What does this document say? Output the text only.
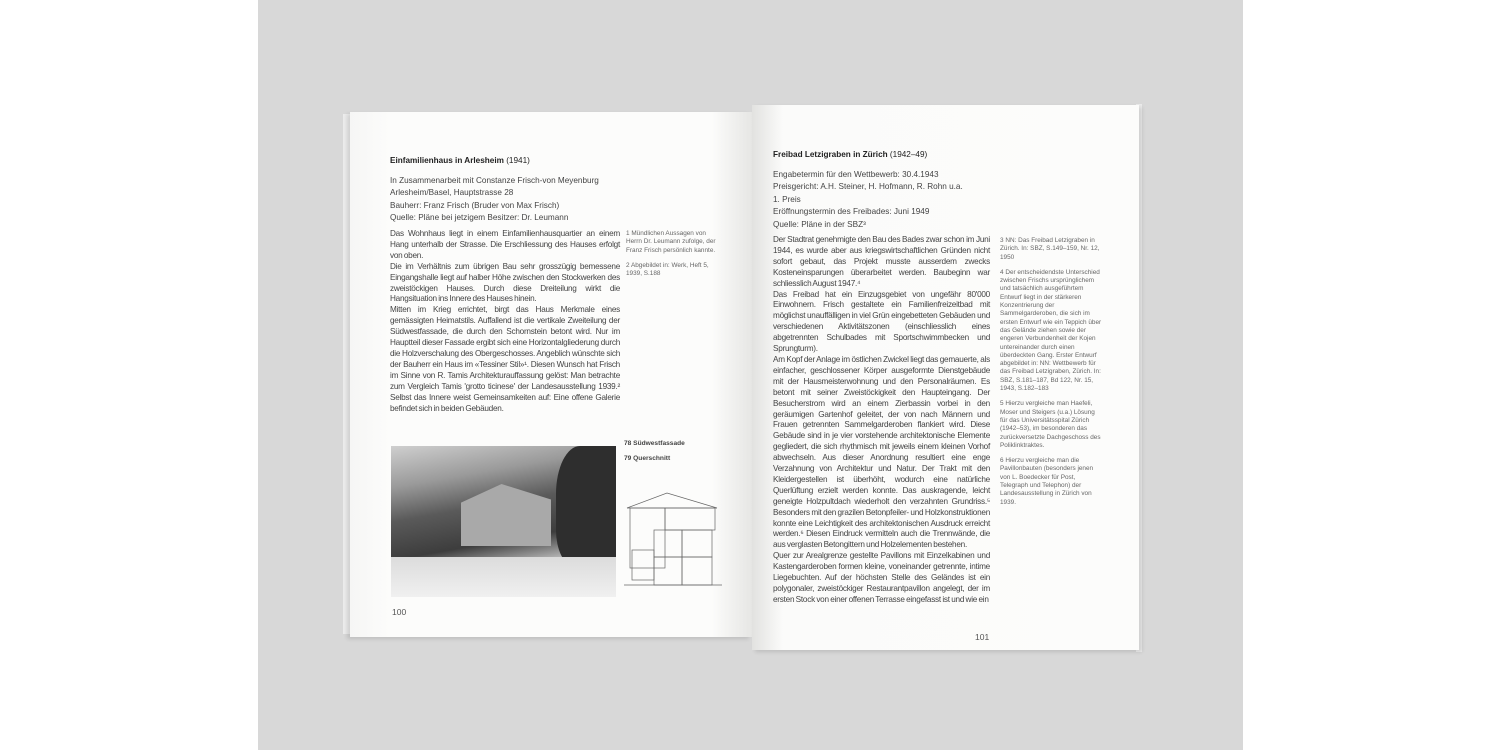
Einfamilienhaus in Arlesheim (1941)
In Zusammenarbeit mit Constanze Frisch-von Meyenburg
Arlesheim/Basel, Hauptstrasse 28
Bauherr: Franz Frisch (Bruder von Max Frisch)
Quelle: Pläne bei jetzigem Besitzer: Dr. Leumann

Das Wohnhaus liegt in einem Einfamilienhausquartier an einem Hang unterhalb der Strasse. Die Erschliessung des Hauses erfolgt von oben.

Die im Verhältnis zum übrigen Bau sehr grosszügig bemessene Eingangshalle liegt auf halber Höhe zwischen den Stockwerken des zweistöckigen Hauses. Durch diese Dreiteilung wirkt die Hangsituation ins Innere des Hauses hinein.

Mitten im Krieg errichtet, birgt das Haus Merkmale eines gemässigten Heimatstils. Auffallend ist die vertikale Zweiteilung der Südwestfassade, die durch den Schornstein betont wird. Nur im Hauptteil dieser Fassade ergibt sich eine Horizontalgliederung durch die Holzverschalung des Obergeschosses. Angeblich wünschte sich der Bauherr ein Haus im «Tessiner Stil»¹. Diesen Wunsch hat Frisch im Sinne von R. Tamis Architekturauffassung gelöst: Man betrachte zum Vergleich Tamis 'grotto ticinese' der Landesausstellung 1939.² Selbst das Innere weist Gemeinsamkeiten auf: Eine offene Galerie befindet sich in beiden Gebäuden.

1 Mündlichen Aussagen von Herrn Dr. Leumann zufolge, der Franz Frisch persönlich kannte.

2 Abgebildet in: Werk, Heft 5, 1939, S.188

78 Südwestfassade
79 Querschnitt
100
Freibad Letzigraben in Zürich (1942–49)
Engabetermin für den Wettbewerb: 30.4.1943
Preisgericht: A.H. Steiner, H. Hofmann, R. Rohn u.a.
1. Preis
Eröffnungstermin des Freibades: Juni 1949
Quelle: Pläne in der SBZ³

Der Stadtrat genehmigte den Bau des Bades zwar schon im Juni 1944, es wurde aber aus kriegswirtschaftlichen Gründen nicht sofort gebaut, das Projekt musste ausserdem zwecks Kosteneinsparungen überarbeitet werden. Baubeginn war schliesslich August 1947.⁴

Das Freibad hat ein Einzugsgebiet von ungefähr 80'000 Einwohnern. Frisch gestaltete ein Familienfreizeitbad mit möglichst unauffälligen in viel Grün eingebetteten Gebäuden und verschiedenen Aktivitätszonen (einschliesslich eines abgetrennten Schulbades mit Sportschwimmbecken und Sprungturm).

Am Kopf der Anlage im östlichen Zwickel liegt das gemauerte, als einfacher, geschlossener Körper ausgeformte Dienstgebäude mit der Hausmeisterwohnung und den Personalräumen. Es betont mit seiner Zweistöckigkeit den Haupteingang. Der Besucherstrom wird an einem Zierbassin vorbei in den geräumigen Gartenhof geleitet, der von nach Männern und Frauen getrennten Sammelgarderoben flankiert wird. Diese Gebäude sind in je vier vorstehende architektonische Elemente gegliedert, die sich rhythmisch mit jeweils einem kleinen Vorhof abwechseln. Aus dieser Anordnung resultiert eine enge Verzahnung von Architektur und Natur. Der Trakt mit den Kleidergestellen ist überhöht, wodurch eine natürliche Querlüftung erzielt werden konnte. Das auskragende, leicht geneigte Holzpultdach wiederholt den verzahnten Grundriss.⁵ Besonders mit den grazilen Betonpfeiler- und Holzkonstruktionen konnte eine Leichtigkeit des architektonischen Ausdruck erreicht werden.⁶ Diesen Eindruck vermitteln auch die Trennwände, die aus verglasten Betongittern und Holzelementen bestehen.

Quer zur Arealgrenze gestellte Pavillons mit Einzelkabinen und Kastengarderoben formen kleine, voneinander getrennte, intime Liegebuchten. Auf der höchsten Stelle des Geländes ist ein polygonaler, zweistöckiger Restaurantpavillon angelegt, der im ersten Stock von einer offenen Terrasse eingefasst ist und wie ein

3 NN: Das Freibad Letzigraben in Zürich. In: SBZ, S.149–159, Nr. 12, 1950

4 Der entscheidendste Unterschied zwischen Frischs ursprünglichem und tatsächlich ausgeführtem Entwurf liegt in der stärkeren Konzentrierung der Sammelgarderoben, die sich im ersten Entwurf wie ein Teppich über das Gelände ziehen sowie der engeren Verbundenheit der Kojen untereinander durch einen überdeckten Gang. Erster Entwurf abgebildet in: NN: Wettbewerb für das Freibad Letzigraben, Zürich. In: SBZ, S.181–187, Bd 122, Nr. 15, 1943, S.182–183

5 Hierzu vergleiche man Haefeli, Moser und Steigers (u.a.) Lösung für das Universitätsspital Zürich (1942–53), im besonderen das zurückversetzte Dachgeschoss des Poliklinktraktes.

6 Hierzu vergleiche man die Pavillonbauten (besonders jenen von L. Boedecker für Post, Telegraph und Telephon) der Landesausstellung in Zürich von 1939.

101
